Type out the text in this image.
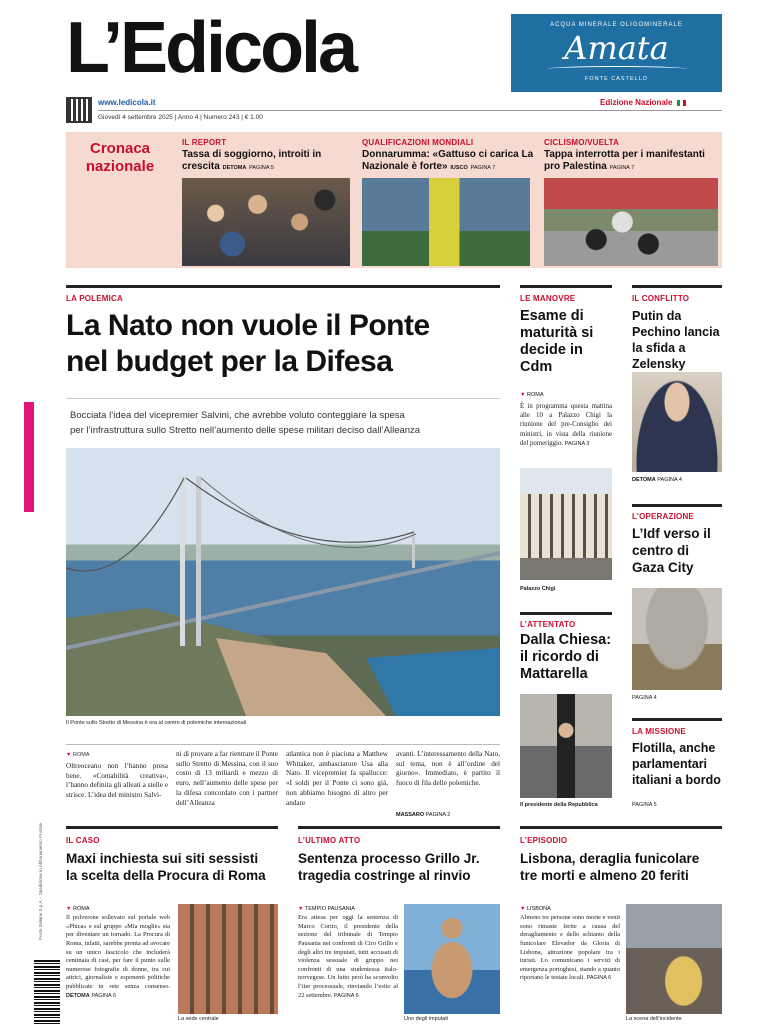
L’Edicola	ACQUA MINERALE OLIGOMINERALE
Amata
FONTE CASTELLO
www.ledicola.it	Edizione Nazionale
Giovedì 4 settembre 2025 | Anno 4 | Numero 243 | € 1.00
Cronaca
nazionale
IL REPORT
Tassa di soggiorno, introiti in crescita DETOMA PAGINA 5
QUALIFICAZIONI MONDIALI
Donnarumma: «Gattuso ci carica La Nazionale è forte» IUSCO PAGINA 7
CICLISMO/VUELTA
Tappa interrotta per i manifestanti pro Palestina PAGINA 7
LA POLEMICA
La Nato non vuole il Ponte
nel budget per la Difesa
Bocciata l’idea del vicepremier Salvini, che avrebbe voluto conteggiare la spesa
per l’infrastruttura sullo Stretto nell’aumento delle spese militari deciso dall’Alleanza
Il Ponte sullo Stretto di Messina è ora al centro di polemiche internazionali
▼ ROMA
Oltreoceano non l’hanno presa bene. «Contabilità creativa», l’hanno definita gli alleati a stelle e strisce. L’idea del ministro Salvi-
ni di provare a far rientrare il Ponte sullo Stretto di Messina, con il suo costo di 13 miliardi e mezzo di euro, nell’aumento delle spese per la difesa concordato con i partner dell’Alleanza
atlantica non è piaciuta a Matthew Whitaker, ambasciatore Usa alla Nato. Il vicepremier fa spallucce: «I soldi per il Ponte ci sono già, non abbiamo bisogno di altro per andare
avanti. L’interessamento della Nato, sul tema, non è all’ordine del giorno». Immediato, è partito il fuoco di fila delle polemiche.
MASSARO PAGINA 2
LE MANOVRE
Esame di maturità si decide in Cdm
▼ ROMA
È in programma questa mattina alle 10 a Palazzo Chigi la riunione del pre-Consiglio dei ministri, in vista della riunione del pomeriggio. PAGINA 3
Palazzo Chigi
L’ATTENTATO
Dalla Chiesa: il ricordo di Mattarella
Il presidente della Repubblica
IL CONFLITTO
Putin da Pechino lancia la sfida a Zelensky
DETOMA PAGINA 4
L’OPERAZIONE
L’Idf verso il centro di Gaza City
PAGINA 4
LA MISSIONE
Flotilla, anche parlamentari italiani a bordo
PAGINA 5
IL CASO
Maxi inchiesta sui siti sessisti
la scelta della Procura di Roma
▼ ROMA
Il polverone sollevato sul portale web «Phica» e sul gruppo «Mia moglie» sta per diventare un tornado. La Procura di Roma, infatti, sarebbe pronta ad avocare su un unico fascicolo che includerà centinaia di casi, per fare il punto sulle numerose fotografie di donne, tra cui attrici, giornaliste e esponenti politiche pubblicate in rete senza consenso. DETOMA PAGINA 6
La sede centrale
L’ULTIMO ATTO
Sentenza processo Grillo Jr.
tragedia costringe al rinvio
▼ TEMPIO PAUSANIA
Era attesa per oggi la sentenza di Marco Corito, il presidente della sezione del tribunale di Tempio Pausania nei confronti di Ciro Grillo e degli altri tre imputati, tutti accusati di violenza sessuale di gruppo nei confronti di una studentessa italo-norvegese. Un lutto però ha sconvolto l’iter processuale, rinviando l’esito al 22 settembre. PAGINA 6
Uno degli imputati
L’EPISODIO
Lisbona, deraglia funicolare
tre morti e almeno 20 feriti
▼ LISBONA
Almeno tre persone sono morte e venti sono rimaste ferite a causa del deragliamento e dello schianto della funicolare Elevador da Gloria di Lisbona, attrazione popolare tra i turisti. Lo comunicano i servizi di emergenza portoghesi, stando a quanto riportano le testate locali. PAGINA 6
La scena dell’incidente
Poste Italiane S.p.A. - Spedizione in Abbonamento Postale
